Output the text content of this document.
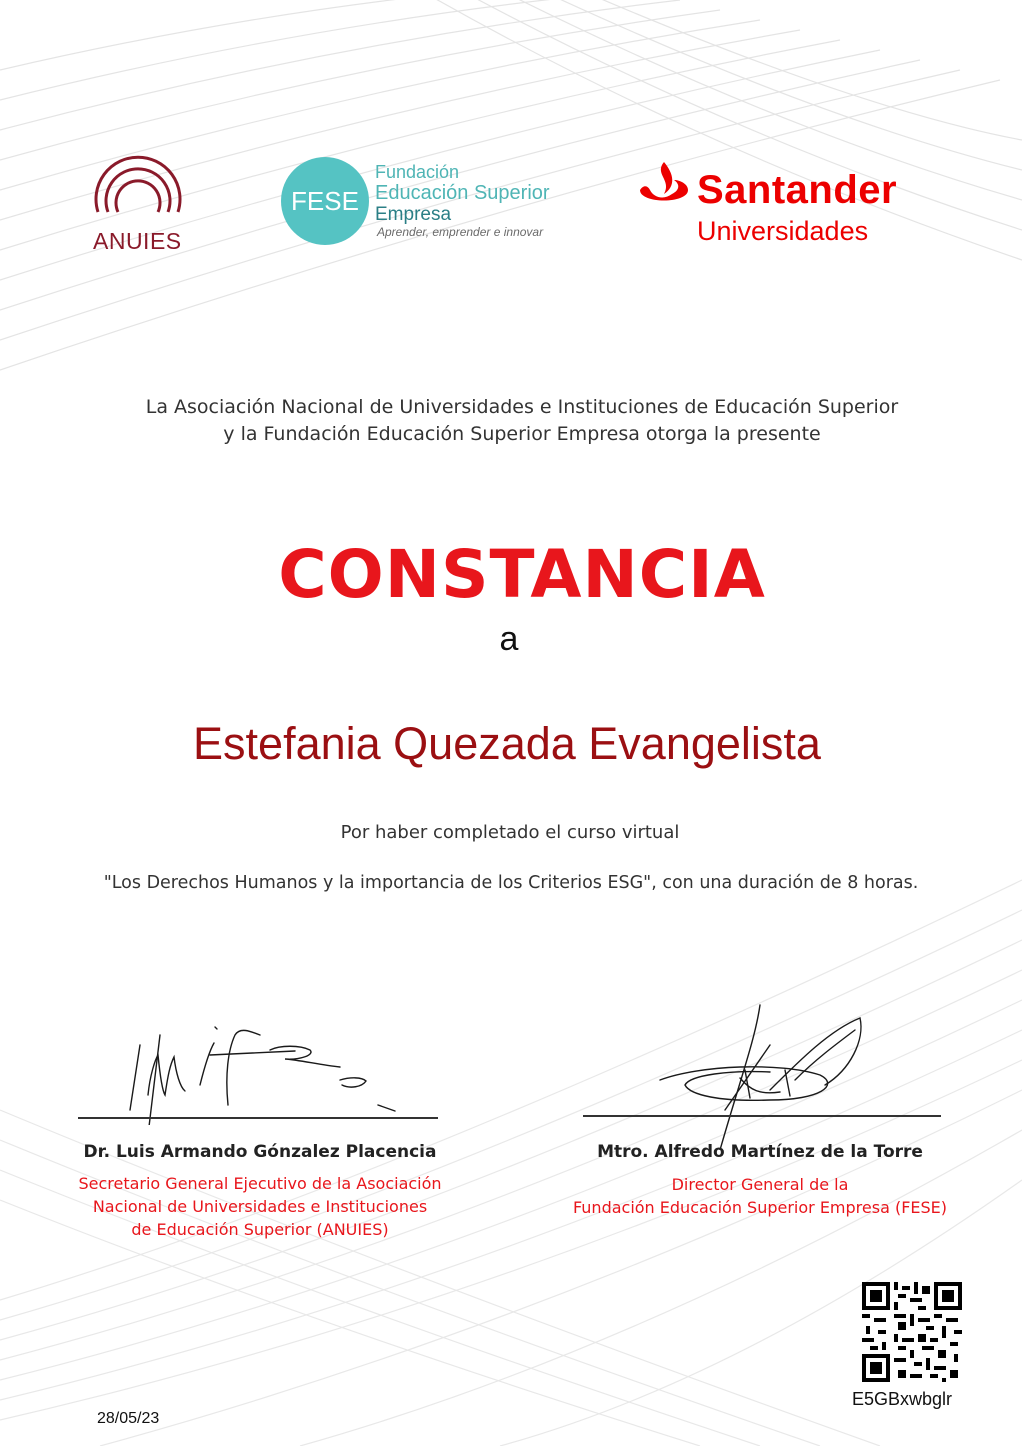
ANUIES
FESE
Fundación
Educación Superior
Empresa
Aprender, emprender e innovar
Santander
Universidades
La Asociación Nacional de Universidades e Instituciones de Educación Superior
y la Fundación Educación Superior Empresa otorga la presente
CONSTANCIA
a
Estefania Quezada Evangelista
Por haber completado el curso virtual
"Los Derechos Humanos y la importancia de los Criterios ESG", con una duración de 8 horas.
Dr. Luis Armando Gónzalez Placencia
Secretario General Ejecutivo de la Asociación
Nacional de Universidades e Instituciones
de Educación Superior (ANUIES)
Mtro. Alfredo Martínez de la Torre
Director General de la
Fundación Educación Superior Empresa (FESE)
E5GBxwbglr
28/05/23
